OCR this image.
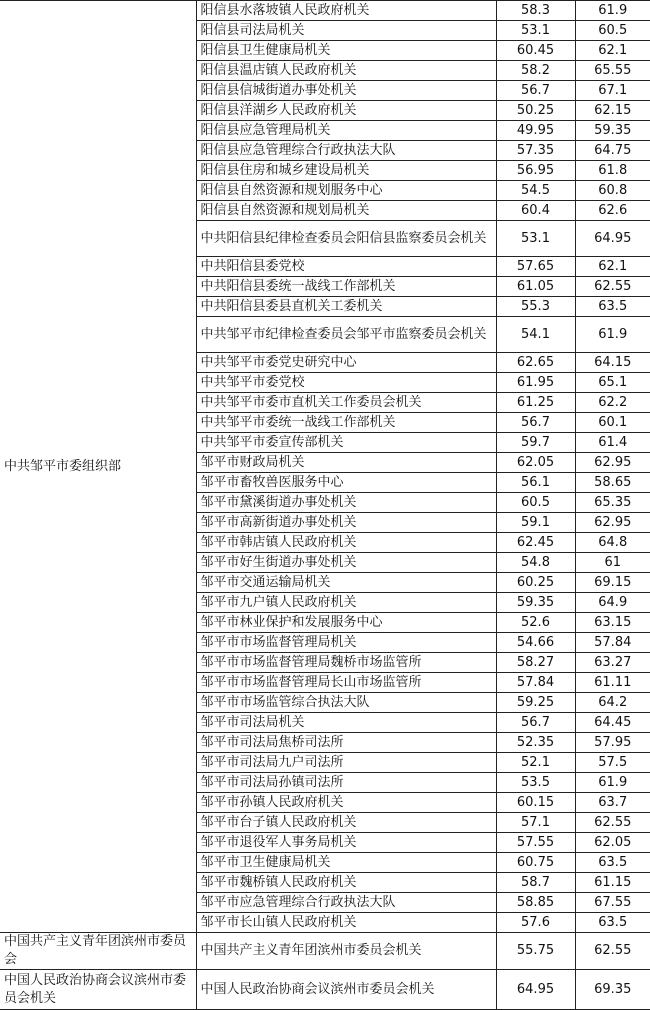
中共邹平市委组织部	阳信县水落坡镇人民政府机关	58.3	61.9
	阳信县司法局机关	53.1	60.5
	阳信县卫生健康局机关	60.45	62.1
	阳信县温店镇人民政府机关	58.2	65.55
	阳信县信城街道办事处机关	56.7	67.1
	阳信县洋湖乡人民政府机关	50.25	62.15
	阳信县应急管理局机关	49.95	59.35
	阳信县应急管理综合行政执法大队	57.35	64.75
	阳信县住房和城乡建设局机关	56.95	61.8
	阳信县自然资源和规划服务中心	54.5	60.8
	阳信县自然资源和规划局机关	60.4	62.6
	中共阳信县纪律检查委员会阳信县监察委员会机关	53.1	64.95
	中共阳信县委党校	57.65	62.1
	中共阳信县委统一战线工作部机关	61.05	62.55
	中共阳信县委县直机关工委机关	55.3	63.5
	中共邹平市纪律检查委员会邹平市监察委员会机关	54.1	61.9
	中共邹平市委党史研究中心	62.65	64.15
	中共邹平市委党校	61.95	65.1
	中共邹平市委市直机关工作委员会机关	61.25	62.2
	中共邹平市委统一战线工作部机关	56.7	60.1
	中共邹平市委宣传部机关	59.7	61.4
	邹平市财政局机关	62.05	62.95
	邹平市畜牧兽医服务中心	56.1	58.65
	邹平市黛溪街道办事处机关	60.5	65.35
	邹平市高新街道办事处机关	59.1	62.95
	邹平市韩店镇人民政府机关	62.45	64.8
	邹平市好生街道办事处机关	54.8	61
	邹平市交通运输局机关	60.25	69.15
	邹平市九户镇人民政府机关	59.35	64.9
	邹平市林业保护和发展服务中心	52.6	63.15
	邹平市市场监督管理局机关	54.66	57.84
	邹平市市场监督管理局魏桥市场监管所	58.27	63.27
	邹平市市场监督管理局长山市场监管所	57.84	61.11
	邹平市市场监管综合执法大队	59.25	64.2
	邹平市司法局机关	56.7	64.45
	邹平市司法局焦桥司法所	52.35	57.95
	邹平市司法局九户司法所	52.1	57.5
	邹平市司法局孙镇司法所	53.5	61.9
	邹平市孙镇人民政府机关	60.15	63.7
	邹平市台子镇人民政府机关	57.1	62.55
	邹平市退役军人事务局机关	57.55	62.05
	邹平市卫生健康局机关	60.75	63.5
	邹平市魏桥镇人民政府机关	58.7	61.15
	邹平市应急管理综合行政执法大队	58.85	67.55
	邹平市长山镇人民政府机关	57.6	63.5
中国共产主义青年团滨州市委员会	中国共产主义青年团滨州市委员会机关	55.75	62.55
中国人民政治协商会议滨州市委员会机关	中国人民政治协商会议滨州市委员会机关	64.95	69.35
